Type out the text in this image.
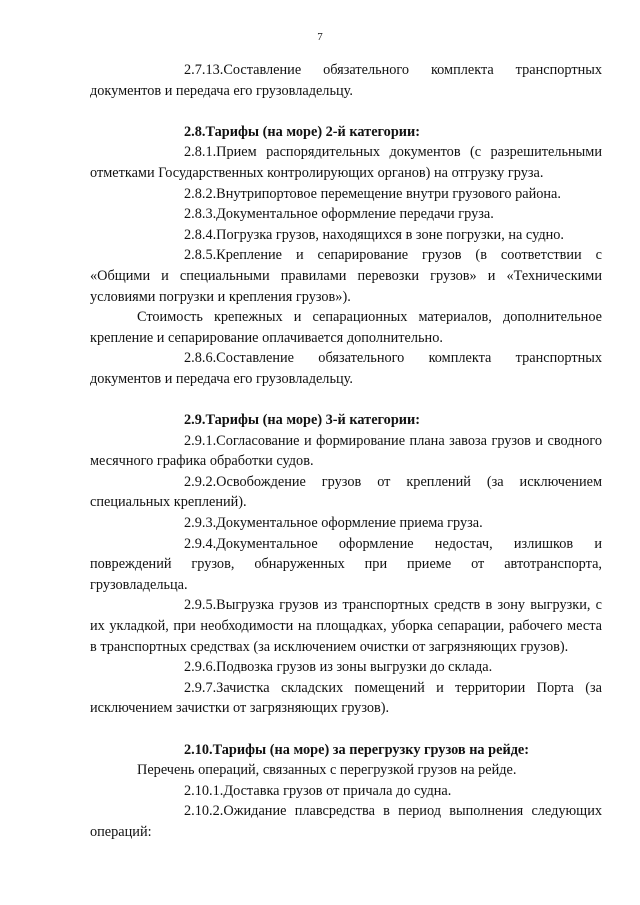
7

2.7.13.Составление обязательного комплекта транспортных документов и передача его грузовладельцу.

2.8.Тарифы (на море) 2-й категории:

2.8.1.Прием распорядительных документов (с разрешительными отметками Государственных контролирующих органов) на отгрузку груза.

2.8.2.Внутрипортовое перемещение внутри грузового района.

2.8.3.Документальное оформление передачи груза.

2.8.4.Погрузка грузов, находящихся в зоне погрузки, на судно.

2.8.5.Крепление и сепарирование грузов (в соответствии с «Общими и специальными правилами перевозки грузов» и «Техническими условиями погрузки и крепления грузов»).

Стоимость крепежных и сепарационных материалов, дополнительное крепление и сепарирование оплачивается дополнительно.

2.8.6.Составление обязательного комплекта транспортных документов и передача его грузовладельцу.

2.9.Тарифы (на море) 3-й категории:

2.9.1.Согласование и формирование плана завоза грузов и сводного месячного графика обработки судов.

2.9.2.Освобождение грузов от креплений (за исключением специальных креплений).

2.9.3.Документальное оформление приема груза.

2.9.4.Документальное оформление недостач, излишков и повреждений грузов, обнаруженных при приеме от автотранспорта, грузовладельца.

2.9.5.Выгрузка грузов из транспортных средств в зону выгрузки, с их укладкой, при необходимости на площадках, уборка сепарации, рабочего места в транспортных средствах (за исключением очистки от загрязняющих грузов).

2.9.6.Подвозка грузов из зоны выгрузки до склада.

2.9.7.Зачистка складских помещений и территории Порта (за исключением зачистки от загрязняющих грузов).

2.10.Тарифы (на море) за перегрузку грузов на рейде:

Перечень операций, связанных с перегрузкой грузов на рейде.

2.10.1.Доставка грузов от причала до судна.

2.10.2.Ожидание плавсредства в период выполнения следующих операций:
